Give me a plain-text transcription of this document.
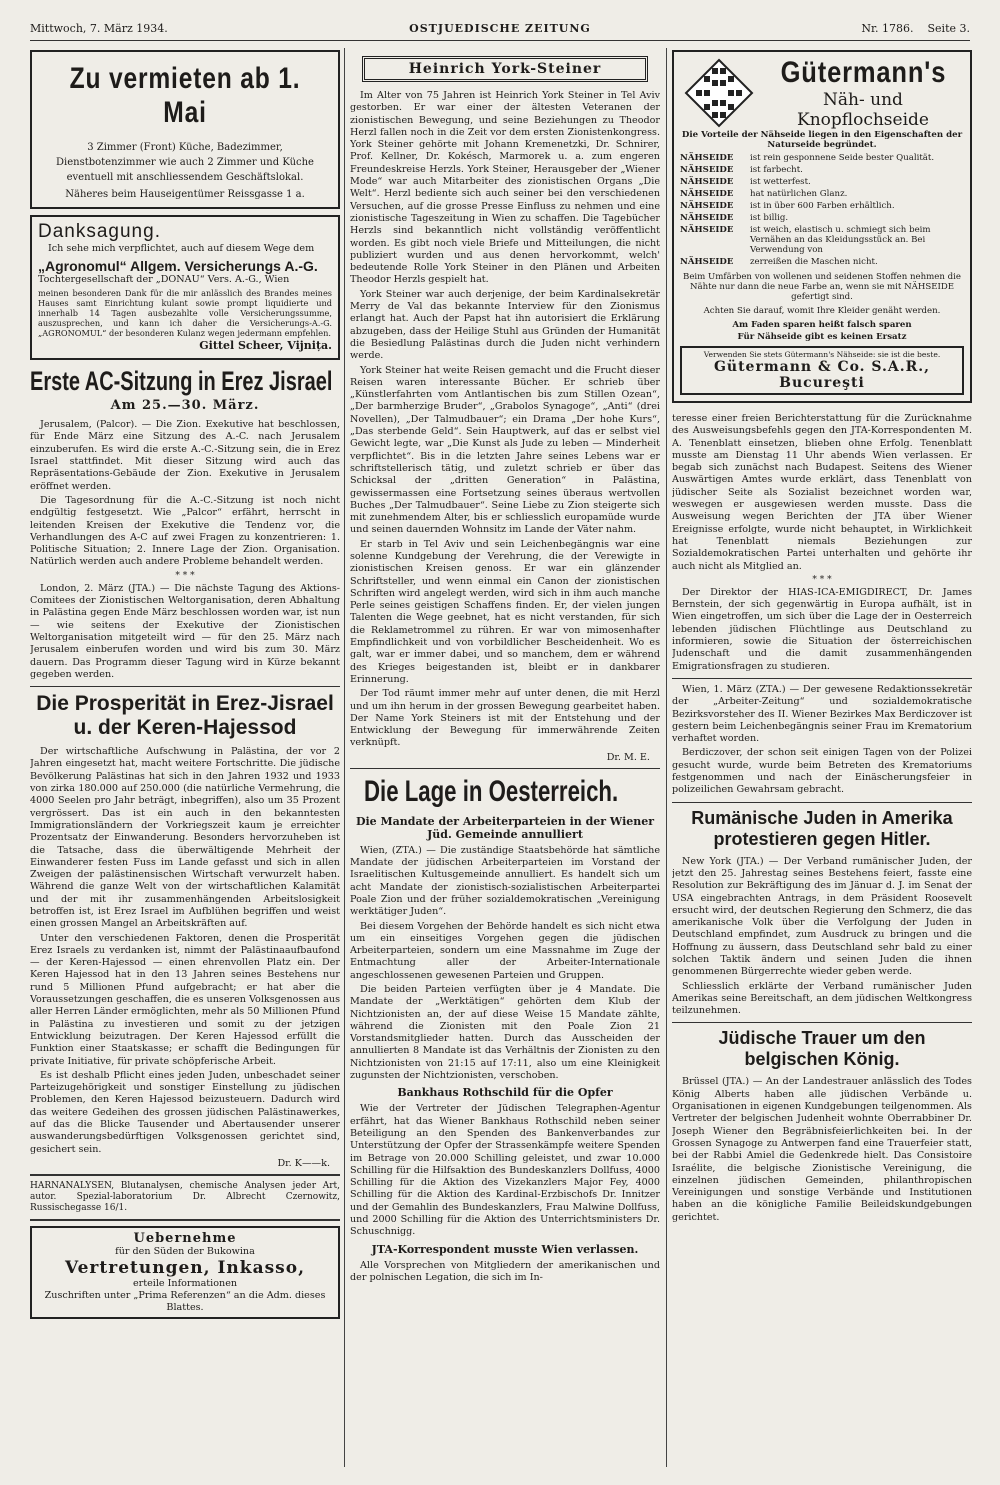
Mittwoch, 7. März 1934.	OSTJUEDISCHE ZEITUNG	Nr. 1786. Seite 3.
Zu vermieten ab 1. Mai

3 Zimmer (Front) Küche, Badezimmer, Dienstbotenzimmer wie auch 2 Zimmer und Küche eventuell mit anschliessendem Geschäftslokal.

Näheres beim Hauseigentümer Reissgasse 1 a.

Danksagung.

Ich sehe mich verpflichtet, auch auf diesem Wege dem

„Agronomul“ Allgem. Versicherungs A.-G.

Tochtergesellschaft der „DONAU“ Vers. A.-G., Wien

meinen besonderen Dank für die mir anlässlich des Brandes meines Hauses samt Einrichtung kulant sowie prompt liquidierte und innerhalb 14 Tagen ausbezahlte volle Versicherungssumme, auszusprechen, und kann ich daher die Versicherungs-A.-G. „AGRONOMUL“ der besonderen Kulanz wegen jedermann empfehlen.

Gittel Scheer, Vijnița.

Erste AC-Sitzung in Erez Jisrael
Am 25.—30. März.

Jerusalem, (Palcor). — Die Zion. Exekutive hat beschlossen, für Ende März eine Sitzung des A.-C. nach Jerusalem einzuberufen. Es wird die erste A.-C.-Sitzung sein, die in Erez Israel stattfindet. Mit dieser Sitzung wird auch das Repräsentations-Gebäude der Zion. Exekutive in Jerusalem eröffnet werden.

Die Tagesordnung für die A.-C.-Sitzung ist noch nicht endgültig festgesetzt. Wie „Palcor“ erfährt, herrscht in leitenden Kreisen der Exekutive die Tendenz vor, die Verhandlungen des A-C auf zwei Fragen zu konzentrieren: 1. Politische Situation; 2. Innere Lage der Zion. Organisation. Natürlich werden auch andere Probleme behandelt werden.

* * *

London, 2. März (JTA.) — Die nächste Tagung des Aktions-Comitees der Zionistischen Weltorganisation, deren Abhaltung in Palästina gegen Ende März beschlossen worden war, ist nun — wie seitens der Exekutive der Zionistischen Weltorganisation mitgeteilt wird — für den 25. März nach Jerusalem einberufen worden und wird bis zum 30. März dauern. Das Programm dieser Tagung wird in Kürze bekannt gegeben werden.

Die Prosperität in Erez-Jisrael u. der Keren-Hajessod

Der wirtschaftliche Aufschwung in Palästina, der vor 2 Jahren eingesetzt hat, macht weitere Fortschritte. Die jüdische Bevölkerung Palästinas hat sich in den Jahren 1932 und 1933 von zirka 180.000 auf 250.000 (die natürliche Vermehrung, die 4000 Seelen pro Jahr beträgt, inbegriffen), also um 35 Prozent vergrössert. Das ist ein auch in den bekanntesten Immigrationsländern der Vorkriegszeit kaum je erreichter Prozentsatz der Einwanderung. Besonders hervorzuheben ist die Tatsache, dass die überwältigende Mehrheit der Einwanderer festen Fuss im Lande gefasst und sich in allen Zweigen der palästinensischen Wirtschaft verwurzelt haben. Während die ganze Welt von der wirtschaftlichen Kalamität und der mit ihr zusammenhängenden Arbeitslosigkeit betroffen ist, ist Erez Israel im Aufblühen begriffen und weist einen grossen Mangel an Arbeitskräften auf.

Unter den verschiedenen Faktoren, denen die Prosperität Erez Israels zu verdanken ist, nimmt der Palästinaaufbaufond — der Keren-Hajessod — einen ehrenvollen Platz ein. Der Keren Hajessod hat in den 13 Jahren seines Bestehens nur rund 5 Millionen Pfund aufgebracht; er hat aber die Voraussetzungen geschaffen, die es unseren Volksgenossen aus aller Herren Länder ermöglichten, mehr als 50 Millionen Pfund in Palästina zu investieren und somit zu der jetzigen Entwicklung beizutragen. Der Keren Hajessod erfüllt die Funktion einer Staatskasse; er schafft die Bedingungen für private Initiative, für private schöpferische Arbeit.

Es ist deshalb Pflicht eines jeden Juden, unbeschadet seiner Parteizugehörigkeit und sonstiger Einstellung zu jüdischen Problemen, den Keren Hajessod beizusteuern. Dadurch wird das weitere Gedeihen des grossen jüdischen Palästinawerkes, auf das die Blicke Tausender und Abertausender unserer auswanderungsbedürftigen Volksgenossen gerichtet sind, gesichert sein.

Dr. K——k.

HARNANALYSEN, Blutanalysen, chemische Analysen jeder Art, autor. Spezial-laboratorium Dr. Albrecht Czernowitz, Russischegasse 16/1.

Uebernehme
für den Süden der Bukowina
Vertretungen, Inkasso,
erteile Informationen
Zuschriften unter „Prima Referenzen“ an die Adm. dieses Blattes.
Heinrich York-Steiner

Im Alter von 75 Jahren ist Heinrich York Steiner in Tel Aviv gestorben. Er war einer der ältesten Veteranen der zionistischen Bewegung, und seine Beziehungen zu Theodor Herzl fallen noch in die Zeit vor dem ersten Zionistenkongress. York Steiner gehörte mit Johann Kremenetzki, Dr. Schnirer, Prof. Kellner, Dr. Kokésch, Marmorek u. a. zum engeren Freundeskreise Herzls. York Steiner, Herausgeber der „Wiener Mode“ war auch Mitarbeiter des zionistischen Organs „Die Welt“. Herzl bediente sich auch seiner bei den verschiedenen Versuchen, auf die grosse Presse Einfluss zu nehmen und eine zionistische Tageszeitung in Wien zu schaffen. Die Tagebücher Herzls sind bekanntlich nicht vollständig veröffentlicht worden. Es gibt noch viele Briefe und Mitteilungen, die nicht publiziert wurden und aus denen hervorkommt, welch' bedeutende Rolle York Steiner in den Plänen und Arbeiten Theodor Herzls gespielt hat.

York Steiner war auch derjenige, der beim Kardinalsekretär Merry de Val das bekannte Interview für den Zionismus erlangt hat. Auch der Papst hat ihn autorisiert die Erklärung abzugeben, dass der Heilige Stuhl aus Gründen der Humanität die Besiedlung Palästinas durch die Juden nicht verhindern werde.

York Steiner hat weite Reisen gemacht und die Frucht dieser Reisen waren interessante Bücher. Er schrieb über „Künstlerfahrten vom Antlantischen bis zum Stillen Ozean“, „Der barmherzige Bruder“, „Grabolos Synagoge“, „Anti“ (drei Novellen), „Der Talmudbauer“; ein Drama „Der hohe Kurs“, „Das sterbende Geld“. Sein Hauptwerk, auf das er selbst viel Gewicht legte, war „Die Kunst als Jude zu leben — Minderheit verpflichtet“. Bis in die letzten Jahre seines Lebens war er schriftstellerisch tätig, und zuletzt schrieb er über das Schicksal der „dritten Generation“ in Palästina, gewissermassen eine Fortsetzung seines überaus wertvollen Buches „Der Talmudbauer“. Seine Liebe zu Zion steigerte sich mit zunehmendem Alter, bis er schliesslich europamüde wurde und seinen dauernden Wohnsitz im Lande der Väter nahm.

Er starb in Tel Aviv und sein Leichenbegängnis war eine solenne Kundgebung der Verehrung, die der Verewigte in zionistischen Kreisen genoss. Er war ein glänzender Schriftsteller, und wenn einmal ein Canon der zionistischen Schriften wird angelegt werden, wird sich in ihm auch manche Perle seines geistigen Schaffens finden. Er, der vielen jungen Talenten die Wege geebnet, hat es nicht verstanden, für sich die Reklametrommel zu rühren. Er war von mimosenhafter Empfindlichkeit und von vorbildlicher Bescheidenheit. Wo es galt, war er immer dabei, und so manchem, dem er während des Krieges beigestanden ist, bleibt er in dankbarer Erinnerung.

Der Tod räumt immer mehr auf unter denen, die mit Herzl und um ihn herum in der grossen Bewegung gearbeitet haben. Der Name York Steiners ist mit der Entstehung und der Entwicklung der Bewegung für immerwährende Zeiten verknüpft.

Dr. M. E.
Die Lage in Oesterreich.
Die Mandate der Arbeiterparteien in der Wiener Jüd. Gemeinde annulliert

Wien, (ZTA.) — Die zuständige Staatsbehörde hat sämtliche Mandate der jüdischen Arbeiterparteien im Vorstand der Israelitischen Kultusgemeinde annulliert. Es handelt sich um acht Mandate der zionistisch-sozialistischen Arbeiterpartei Poale Zion und der früher sozialdemokratischen „Vereinigung werktätiger Juden“.

Bei diesem Vorgehen der Behörde handelt es sich nicht etwa um ein einseitiges Vorgehen gegen die jüdischen Arbeiterparteien, sondern um eine Massnahme im Zuge der Entmachtung aller der Arbeiter-Internationale angeschlossenen gewesenen Parteien und Gruppen.

Die beiden Parteien verfügten über je 4 Mandate. Die Mandate der „Werktätigen“ gehörten dem Klub der Nichtzionisten an, der auf diese Weise 15 Mandate zählte, während die Zionisten mit den Poale Zion 21 Vorstandsmitglieder hatten. Durch das Ausscheiden der annullierten 8 Mandate ist das Verhältnis der Zionisten zu den Nichtzionisten von 21:15 auf 17:11, also um eine Kleinigkeit zugunsten der Nichtzionisten, verschoben.

Bankhaus Rothschild für die Opfer

Wie der Vertreter der Jüdischen Telegraphen-Agentur erfährt, hat das Wiener Bankhaus Rothschild neben seiner Beteiligung an den Spenden des Bankenverbandes zur Unterstützung der Opfer der Strassenkämpfe weitere Spenden im Betrage von 20.000 Schilling geleistet, und zwar 10.000 Schilling für die Hilfsaktion des Bundeskanzlers Dollfuss, 4000 Schilling für die Aktion des Vizekanzlers Major Fey, 4000 Schilling für die Aktion des Kardinal-Erzbischofs Dr. Innitzer und der Gemahlin des Bundeskanzlers, Frau Malwine Dollfuss, und 2000 Schilling für die Aktion des Unterrichtsministers Dr. Schuschnigg.

JTA-Korrespondent musste Wien verlassen.

Alle Vorsprechen von Mitgliedern der amerikanischen und der polnischen Legation, die sich im In-

Gütermann's
Näh- und
Knopflochseide

Die Vorteile der Nähseide liegen in den Eigenschaften der Naturseide begründet.

NÄHSEIDE	ist rein gesponnene Seide bester Qualität.
NÄHSEIDE	ist farbecht.
NÄHSEIDE	ist wetterfest.
NÄHSEIDE	hat natürlichen Glanz.
NÄHSEIDE	ist in über 600 Farben erhältlich.
NÄHSEIDE	ist billig.
NÄHSEIDE	ist weich, elastisch u. schmiegt sich beim Vernähen an das Kleidungsstück an. Bei Verwendung von
NÄHSEIDE	zerreißen die Maschen nicht.

Beim Umfärben von wollenen und seidenen Stoffen nehmen die Nähte nur dann die neue Farbe an, wenn sie mit NÄHSEIDE gefertigt sind.

Achten Sie darauf, womit Ihre Kleider genäht werden.

Am Faden sparen heißt falsch sparen

Für Nähseide gibt es keinen Ersatz

Verwenden Sie stets Gütermann's Nähseide: sie ist die beste.
Gütermann & Co. S.A.R., Bucureşti

teresse einer freien Berichterstattung für die Zurücknahme des Ausweisungsbefehls gegen den JTA-Korrespondenten M. A. Tenenblatt einsetzen, blieben ohne Erfolg. Tenenblatt musste am Dienstag 11 Uhr abends Wien verlassen. Er begab sich zunächst nach Budapest. Seitens des Wiener Auswärtigen Amtes wurde erklärt, dass Tenenblatt von jüdischer Seite als Sozialist bezeichnet worden war, weswegen er ausgewiesen werden musste. Dass die Ausweisung wegen Berichten der JTA über Wiener Ereignisse erfolgte, wurde nicht behauptet, in Wirklichkeit hat Tenenblatt niemals Beziehungen zur Sozialdemokratischen Partei unterhalten und gehörte ihr auch nicht als Mitglied an.

* * *

Der Direktor der HIAS-ICA-EMIGDIRECT, Dr. James Bernstein, der sich gegenwärtig in Europa aufhält, ist in Wien eingetroffen, um sich über die Lage der in Oesterreich lebenden jüdischen Flüchtlinge aus Deutschland zu informieren, sowie die Situation der österreichischen Judenschaft und die damit zusammenhängenden Emigrationsfragen zu studieren.

Wien, 1. März (ZTA.) — Der gewesene Redaktionssekretär der „Arbeiter-Zeitung“ und sozialdemokratische Bezirksvorsteher des II. Wiener Bezirkes Max Berdiczover ist gestern beim Leichenbegängnis seiner Frau im Krematorium verhaftet worden.

Berdiczover, der schon seit einigen Tagen von der Polizei gesucht wurde, wurde beim Betreten des Krematoriums festgenommen und nach der Einäscherungsfeier in polizeilichen Gewahrsam gebracht.

Rumänische Juden in Amerika protestieren gegen Hitler.

New York (JTA.) — Der Verband rumänischer Juden, der jetzt den 25. Jahrestag seines Bestehens feiert, fasste eine Resolution zur Bekräftigung des im Jänuar d. J. im Senat der USA eingebrachten Antrags, in dem Präsident Roosevelt ersucht wird, der deutschen Regierung den Schmerz, die das amerikanische Volk über die Verfolgung der Juden in Deutschland empfindet, zum Ausdruck zu bringen und die Hoffnung zu äussern, dass Deutschland sehr bald zu einer solchen Taktik ändern und seinen Juden die ihnen genommenen Bürgerrechte wieder geben werde.

Schliesslich erklärte der Verband rumänischer Juden Amerikas seine Bereitschaft, an dem jüdischen Weltkongress teilzunehmen.

Jüdische Trauer um den belgischen König.

Brüssel (JTA.) — An der Landestrauer anlässlich des Todes König Alberts haben alle jüdischen Verbände u. Organisationen in eigenen Kundgebungen teilgenommen. Als Vertreter der belgischen Judenheit wohnte Oberrabbiner Dr. Joseph Wiener den Begräbnisfeierlichkeiten bei. In der Grossen Synagoge zu Antwerpen fand eine Trauerfeier statt, bei der Rabbi Amiel die Gedenkrede hielt. Das Consistoire Israélite, die belgische Zionistische Vereinigung, die einzelnen jüdischen Gemeinden, philanthropischen Vereinigungen und sonstige Verbände und Institutionen haben an die königliche Familie Beileidskundgebungen gerichtet.
